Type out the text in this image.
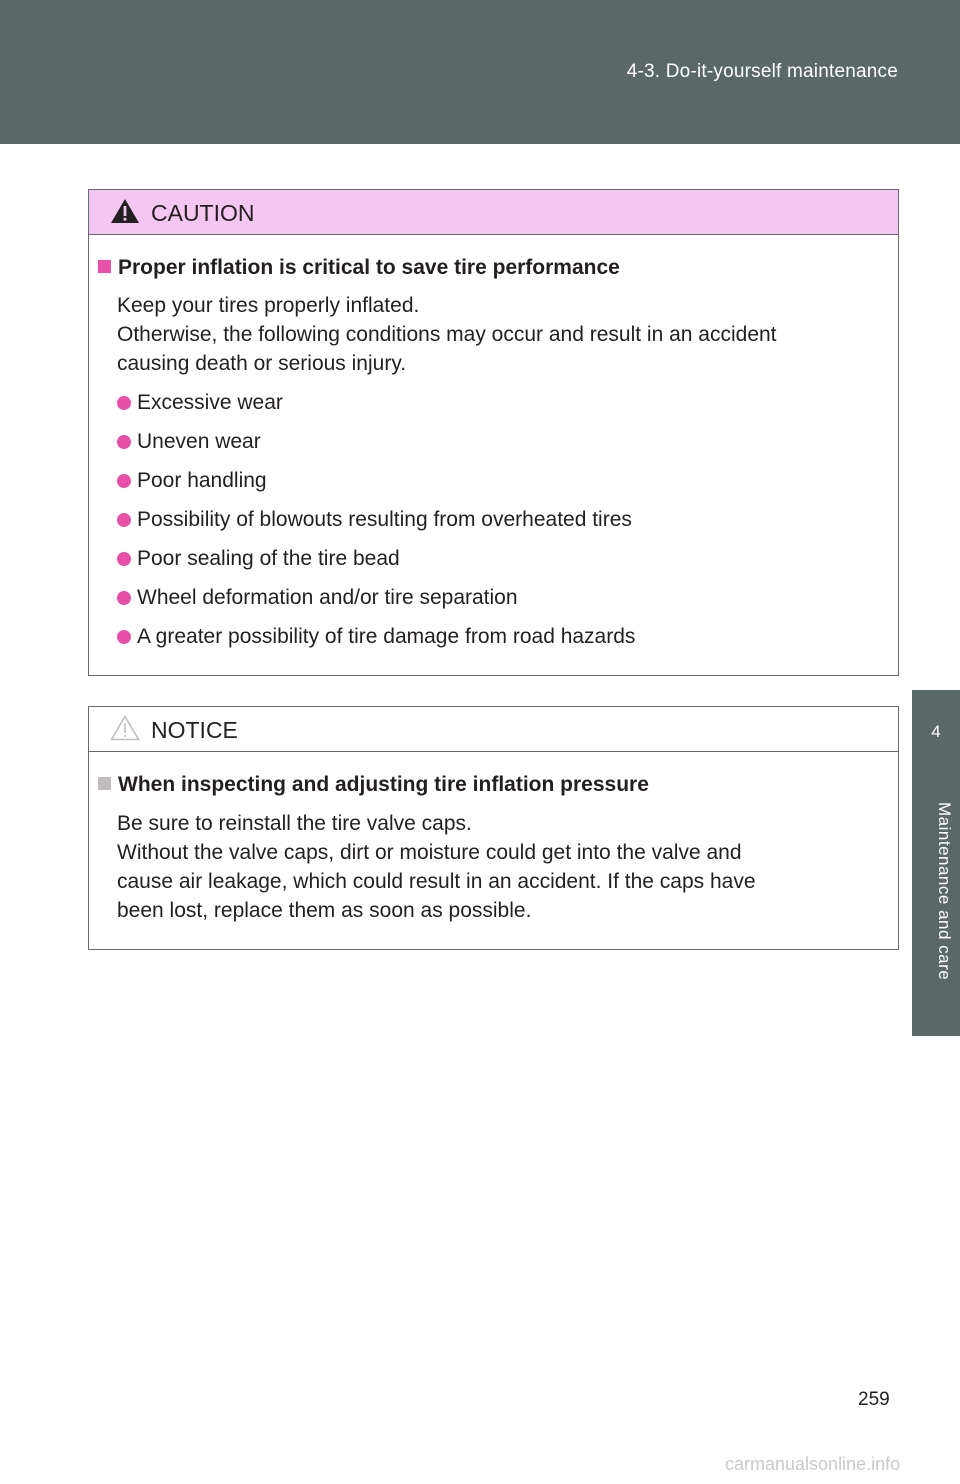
4-3. Do-it-yourself maintenance
4
Maintenance and care
CAUTION
Proper inflation is critical to save tire performance

Keep your tires properly inflated.

Otherwise, the following conditions may occur and result in an accident

causing death or serious injury.

Excessive wear
Uneven wear
Poor handling
Possibility of blowouts resulting from overheated tires
Poor sealing of the tire bead
Wheel deformation and/or tire separation
A greater possibility of tire damage from road hazards
NOTICE
When inspecting and adjusting tire inflation pressure

Be sure to reinstall the tire valve caps.

Without the valve caps, dirt or moisture could get into the valve and

cause air leakage, which could result in an accident. If the caps have

been lost, replace them as soon as possible.

259
carmanualsonline.info
